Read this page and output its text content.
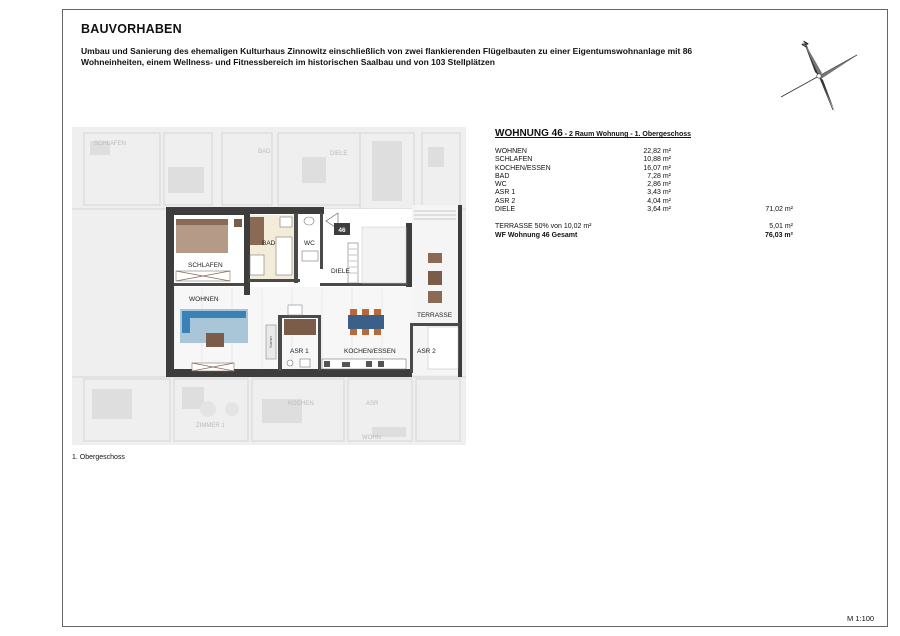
BAUVORHABEN
Umbau und Sanierung des ehemaligen Kulturhaus Zinnowitz einschließlich von zwei flankierenden Flügelbauten zu einer Eigentumswohnanlage mit 86 Wohneinheiten, einem Wellness- und Fitnessbereich im historischen Saalbau und von 103 Stellplätzen
N
SCHLAFEN
BAD	DIELE
KOCHEN	ASR
ZIMMER 1
WOHN
46
Kamin
SCHLAFEN
BAD	WC
DIELE
WOHNEN
TERRASSE
ASR 1	KOCHEN/ESSEN	ASR 2
WOHNUNG 46 - 2 Raum Wohnung - 1. Obergeschoss
WOHNEN	22,82 m²
SCHLAFEN	10,88 m²
KOCHEN/ESSEN	16,07 m²
BAD	7,28 m²
WC	2,86 m²
ASR 1	3,43 m²
ASR 2	4,04 m²
DIELE	3,64 m²	71,02 m²
TERRASSE 50% von 10,02 m²	5,01 m²
WF Wohnung 46 Gesamt	76,03 m²
1. Obergeschoss
M 1:100
